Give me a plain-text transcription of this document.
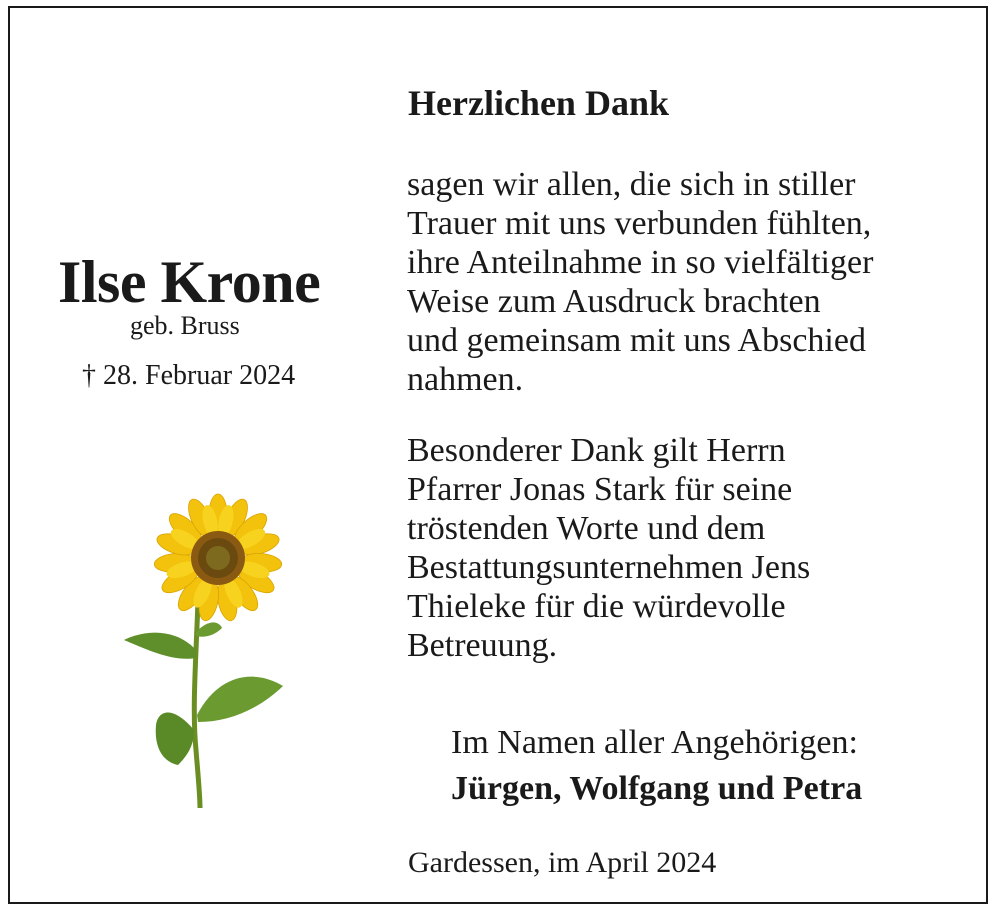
Ilse Krone
geb. Bruss
† 28. Februar 2024
Herzlichen Dank
sagen wir allen, die sich in stiller
Trauer mit uns verbunden fühlten,
ihre Anteilnahme in so vielfältiger
Weise zum Ausdruck brachten
und gemeinsam mit uns Abschied
nahmen.
Besonderer Dank gilt Herrn
Pfarrer Jonas Stark für seine
tröstenden Worte und dem
Bestattungsunternehmen Jens
Thieleke für die würdevolle
Betreuung.
Im Namen aller Angehörigen:
Jürgen, Wolfgang und Petra
Gardessen, im April 2024
